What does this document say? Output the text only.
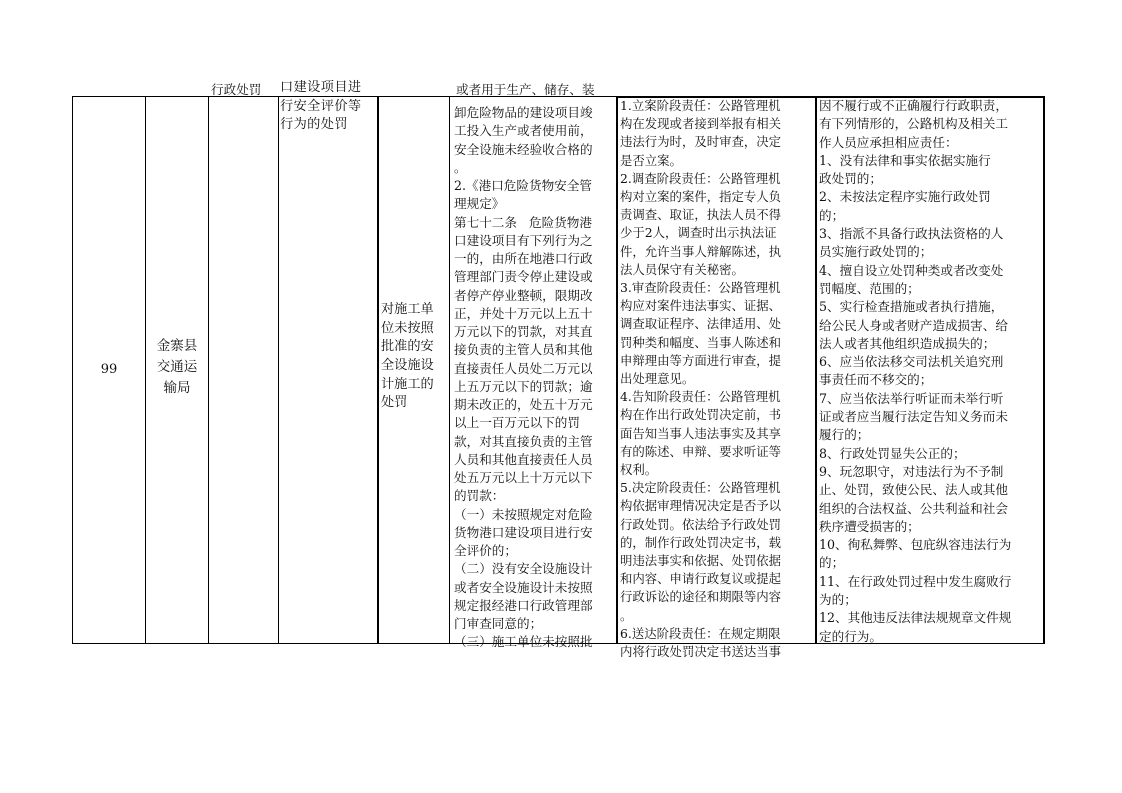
行政处罚	或者用于生产、储存、装
99
金寨县
交通运
输局
口建设项目进
行安全评价等
行为的处罚
对施工单
位未按照
批准的安
全设施设
计施工的
处罚
卸危险物品的建设项目竣
工投入生产或者使用前，
安全设施未经验收合格的
。
2.《港口危险货物安全管
理规定》
第七十二条   危险货物港
口建设项目有下列行为之
一的，由所在地港口行政
管理部门责令停止建设或
者停产停业整顿，限期改
正，并处十万元以上五十
万元以下的罚款，对其直
接负责的主管人员和其他
直接责任人员处二万元以
上五万元以下的罚款；逾
期未改正的，处五十万元
以上一百万元以下的罚
款，对其直接负责的主管
人员和其他直接责任人员
处五万元以上十万元以下
的罚款：
（一）未按照规定对危险
货物港口建设项目进行安
全评价的；
（二）没有安全设施设计
或者安全设施设计未按照
规定报经港口行政管理部
门审查同意的；
（三）施工单位未按照批
1.立案阶段责任：公路管理机
构在发现或者接到举报有相关
违法行为时，及时审查，决定
是否立案。
2.调查阶段责任：公路管理机
构对立案的案件，指定专人负
责调查、取证，执法人员不得
少于2人，调查时出示执法证
件，允许当事人辩解陈述，执
法人员保守有关秘密。
3.审查阶段责任：公路管理机
构应对案件违法事实、证据、
调查取证程序、法律适用、处
罚种类和幅度、当事人陈述和
申辩理由等方面进行审查，提
出处理意见。
4.告知阶段责任：公路管理机
构在作出行政处罚决定前，书
面告知当事人违法事实及其享
有的陈述、申辩、要求听证等
权利。
5.决定阶段责任：公路管理机
构依据审理情况决定是否予以
行政处罚。依法给予行政处罚
的，制作行政处罚决定书，载
明违法事实和依据、处罚依据
和内容、申请行政复议或提起
行政诉讼的途径和期限等内容
。
6.送达阶段责任：在规定期限
内将行政处罚决定书送达当事
因不履行或不正确履行行政职责，
有下列情形的，公路机构及相关工
作人员应承担相应责任：
1、没有法律和事实依据实施行
政处罚的；
2、未按法定程序实施行政处罚
的；
3、指派不具备行政执法资格的人
员实施行政处罚的；
4、擅自设立处罚种类或者改变处
罚幅度、范围的；
5、实行检查措施或者执行措施，
给公民人身或者财产造成损害、给
法人或者其他组织造成损失的；
6、应当依法移交司法机关追究刑
事责任而不移交的；
7、应当依法举行听证而未举行听
证或者应当履行法定告知义务而未
履行的；
8、行政处罚显失公正的；
9、玩忽职守，对违法行为不予制
止、处罚，致使公民、法人或其他
组织的合法权益、公共利益和社会
秩序遭受损害的；
10、徇私舞弊、包庇纵容违法行为
的；
11、在行政处罚过程中发生腐败行
为的；
12、其他违反法律法规规章文件规
定的行为。
